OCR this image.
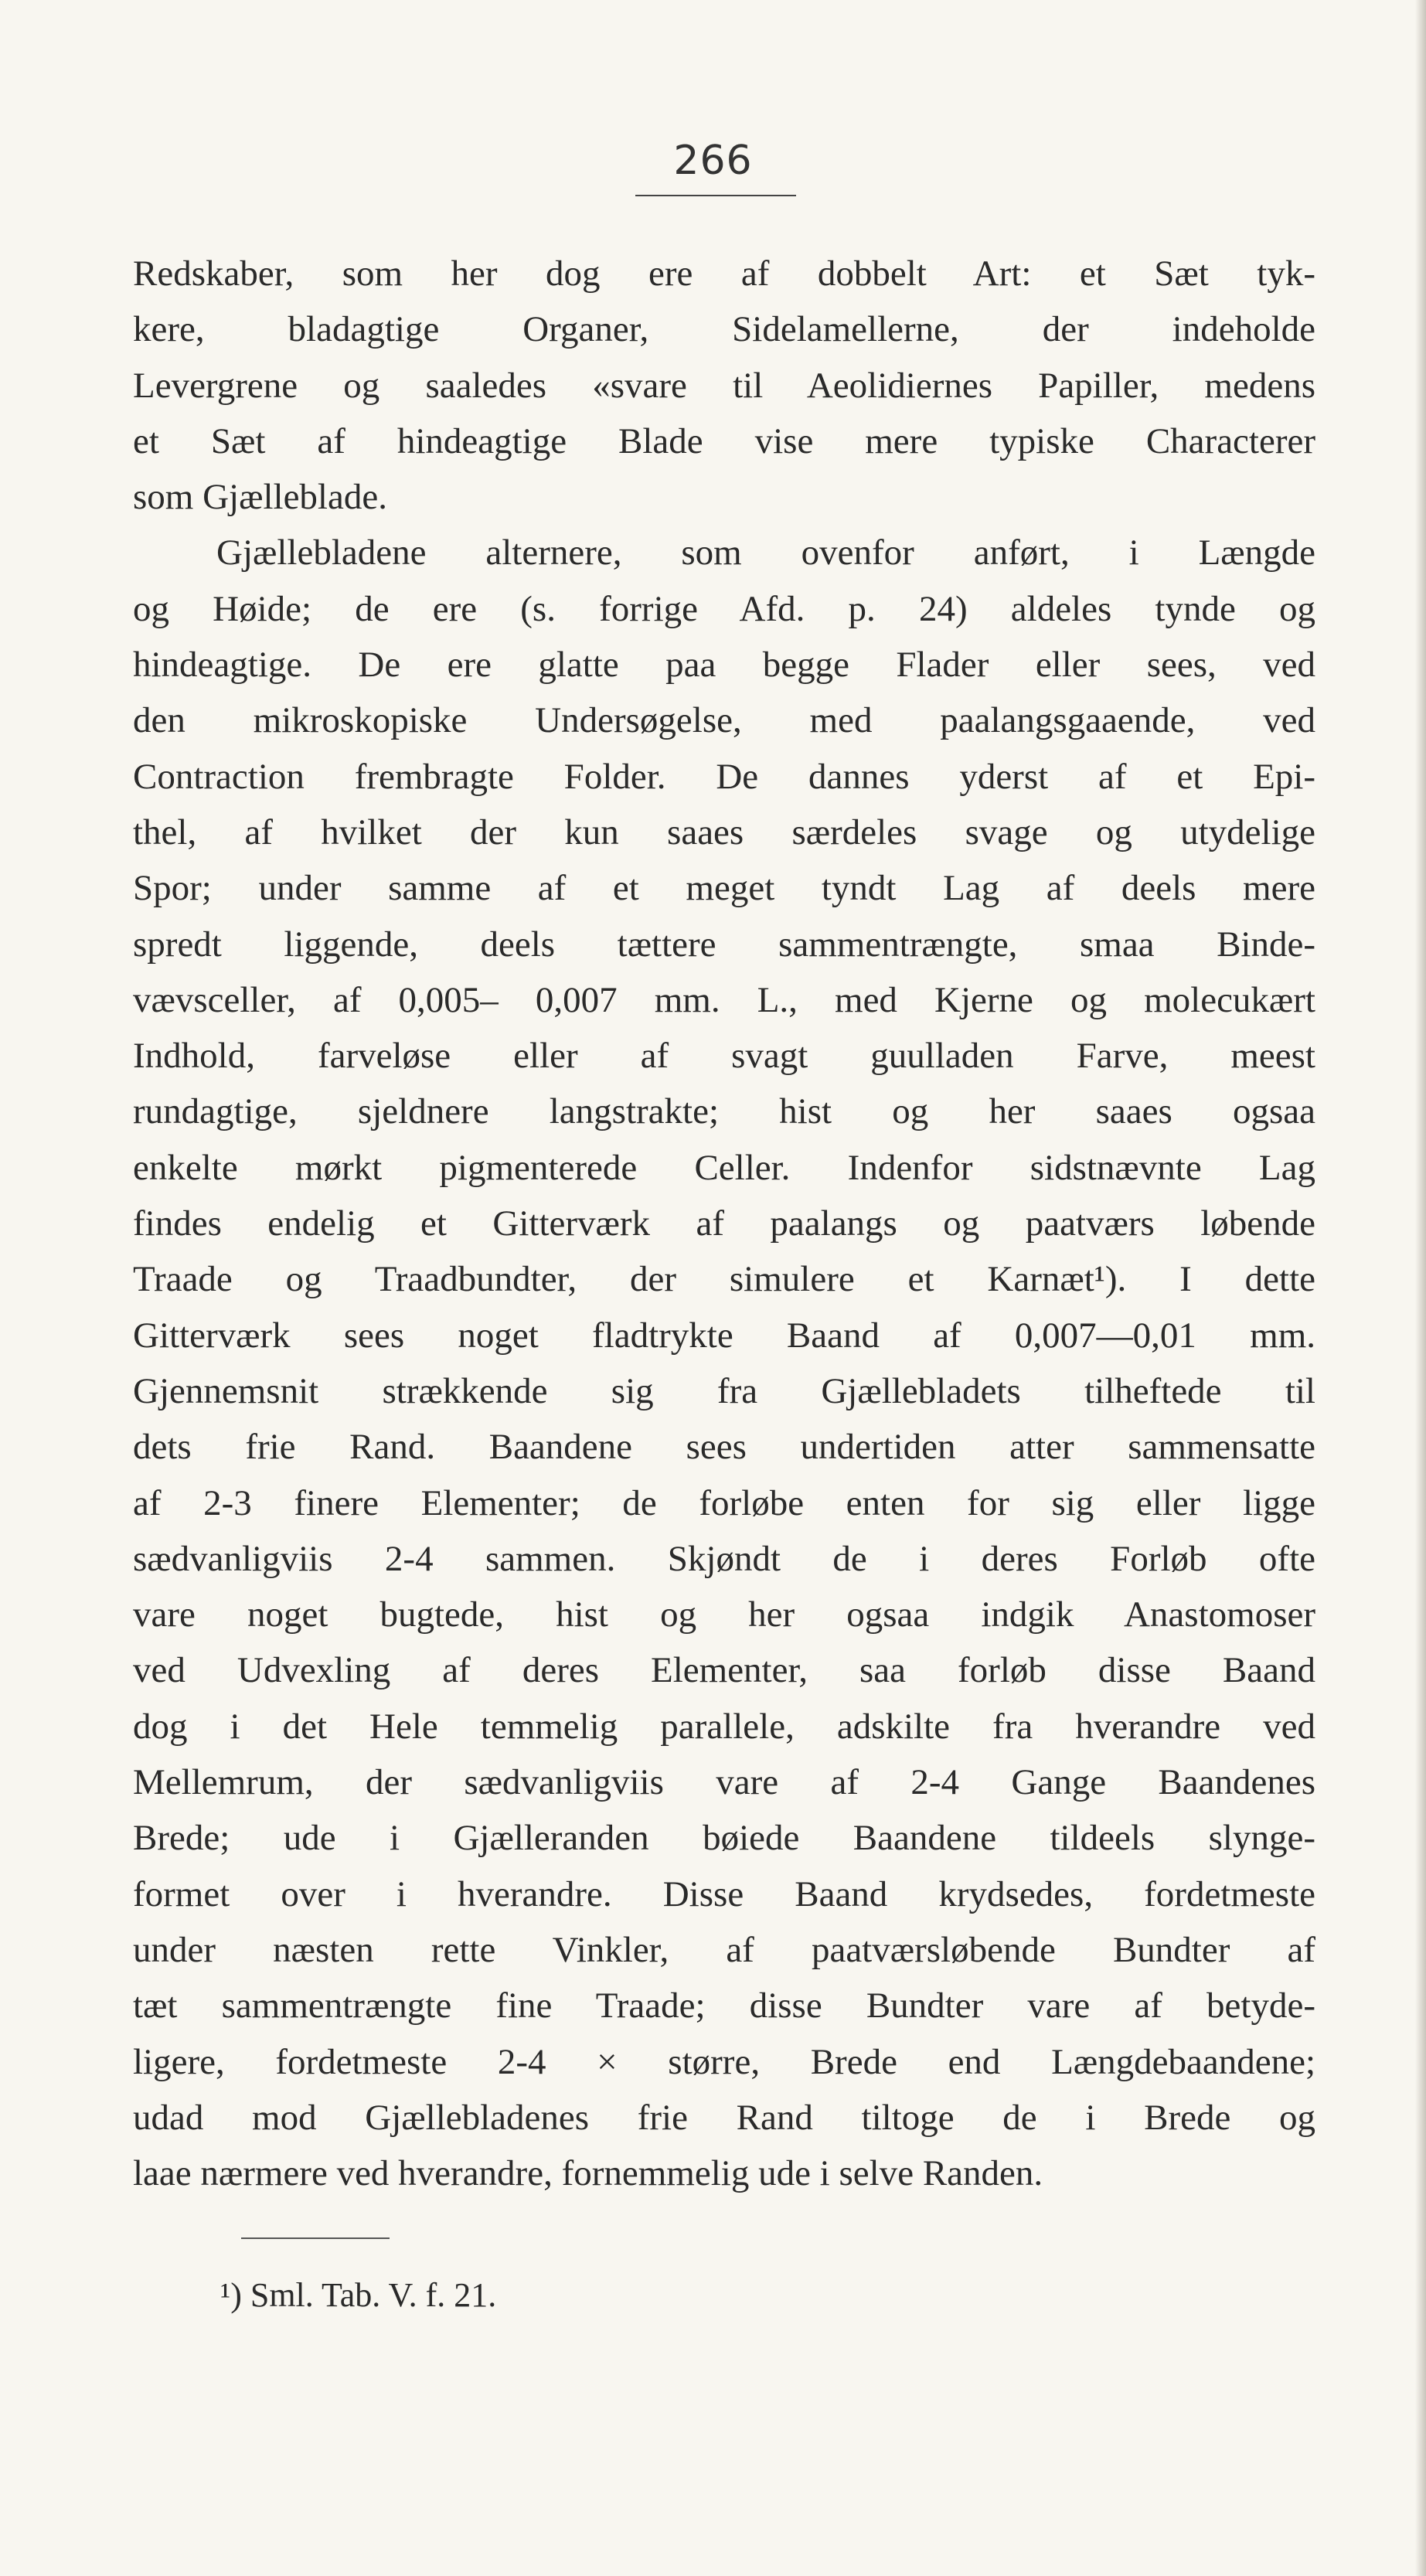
266
Redskaber, som her dog ere af dobbelt Art: et Sæt tyk-
kere, bladagtige Organer, Sidelamellerne, der indeholde
Levergrene og saaledes «svare til Aeolidiernes Papiller, medens
et Sæt af hindeagtige Blade vise mere typiske Characterer
som Gjælleblade.
Gjællebladene alternere, som ovenfor anført, i Længde
og Høide; de ere (s. forrige Afd. p. 24) aldeles tynde og
hindeagtige. De ere glatte paa begge Flader eller sees, ved
den mikroskopiske Undersøgelse, med paalangsgaaende, ved
Contraction frembragte Folder. De dannes yderst af et Epi-
thel, af hvilket der kun saaes særdeles svage og utydelige
Spor; under samme af et meget tyndt Lag af deels mere
spredt liggende, deels tættere sammentrængte, smaa Binde-
vævsceller, af 0,005– 0,007 mm. L., med Kjerne og molecukært
Indhold, farveløse eller af svagt guulladen Farve, meest
rundagtige, sjeldnere langstrakte; hist og her saaes ogsaa
enkelte mørkt pigmenterede Celler. Indenfor sidstnævnte Lag
findes endelig et Gitterværk af paalangs og paatværs løbende
Traade og Traadbundter, der simulere et Karnæt¹). I dette
Gitterværk sees noget fladtrykte Baand af 0,007—0,01 mm.
Gjennemsnit strækkende sig fra Gjællebladets tilheftede til
dets frie Rand. Baandene sees undertiden atter sammensatte
af 2-3 finere Elementer; de forløbe enten for sig eller ligge
sædvanligviis 2-4 sammen. Skjøndt de i deres Forløb ofte
vare noget bugtede, hist og her ogsaa indgik Anastomoser
ved Udvexling af deres Elementer, saa forløb disse Baand
dog i det Hele temmelig parallele, adskilte fra hverandre ved
Mellemrum, der sædvanligviis vare af 2-4 Gange Baandenes
Brede; ude i Gjælleranden bøiede Baandene tildeels slynge-
formet over i hverandre. Disse Baand krydsedes, fordetmeste
under næsten rette Vinkler, af paatværsløbende Bundter af
tæt sammentrængte fine Traade; disse Bundter vare af betyde-
ligere, fordetmeste 2-4 × større, Brede end Længdebaandene;
udad mod Gjællebladenes frie Rand tiltoge de i Brede og
laae nærmere ved hverandre, fornemmelig ude i selve Randen.
¹) Sml. Tab. V. f. 21.
